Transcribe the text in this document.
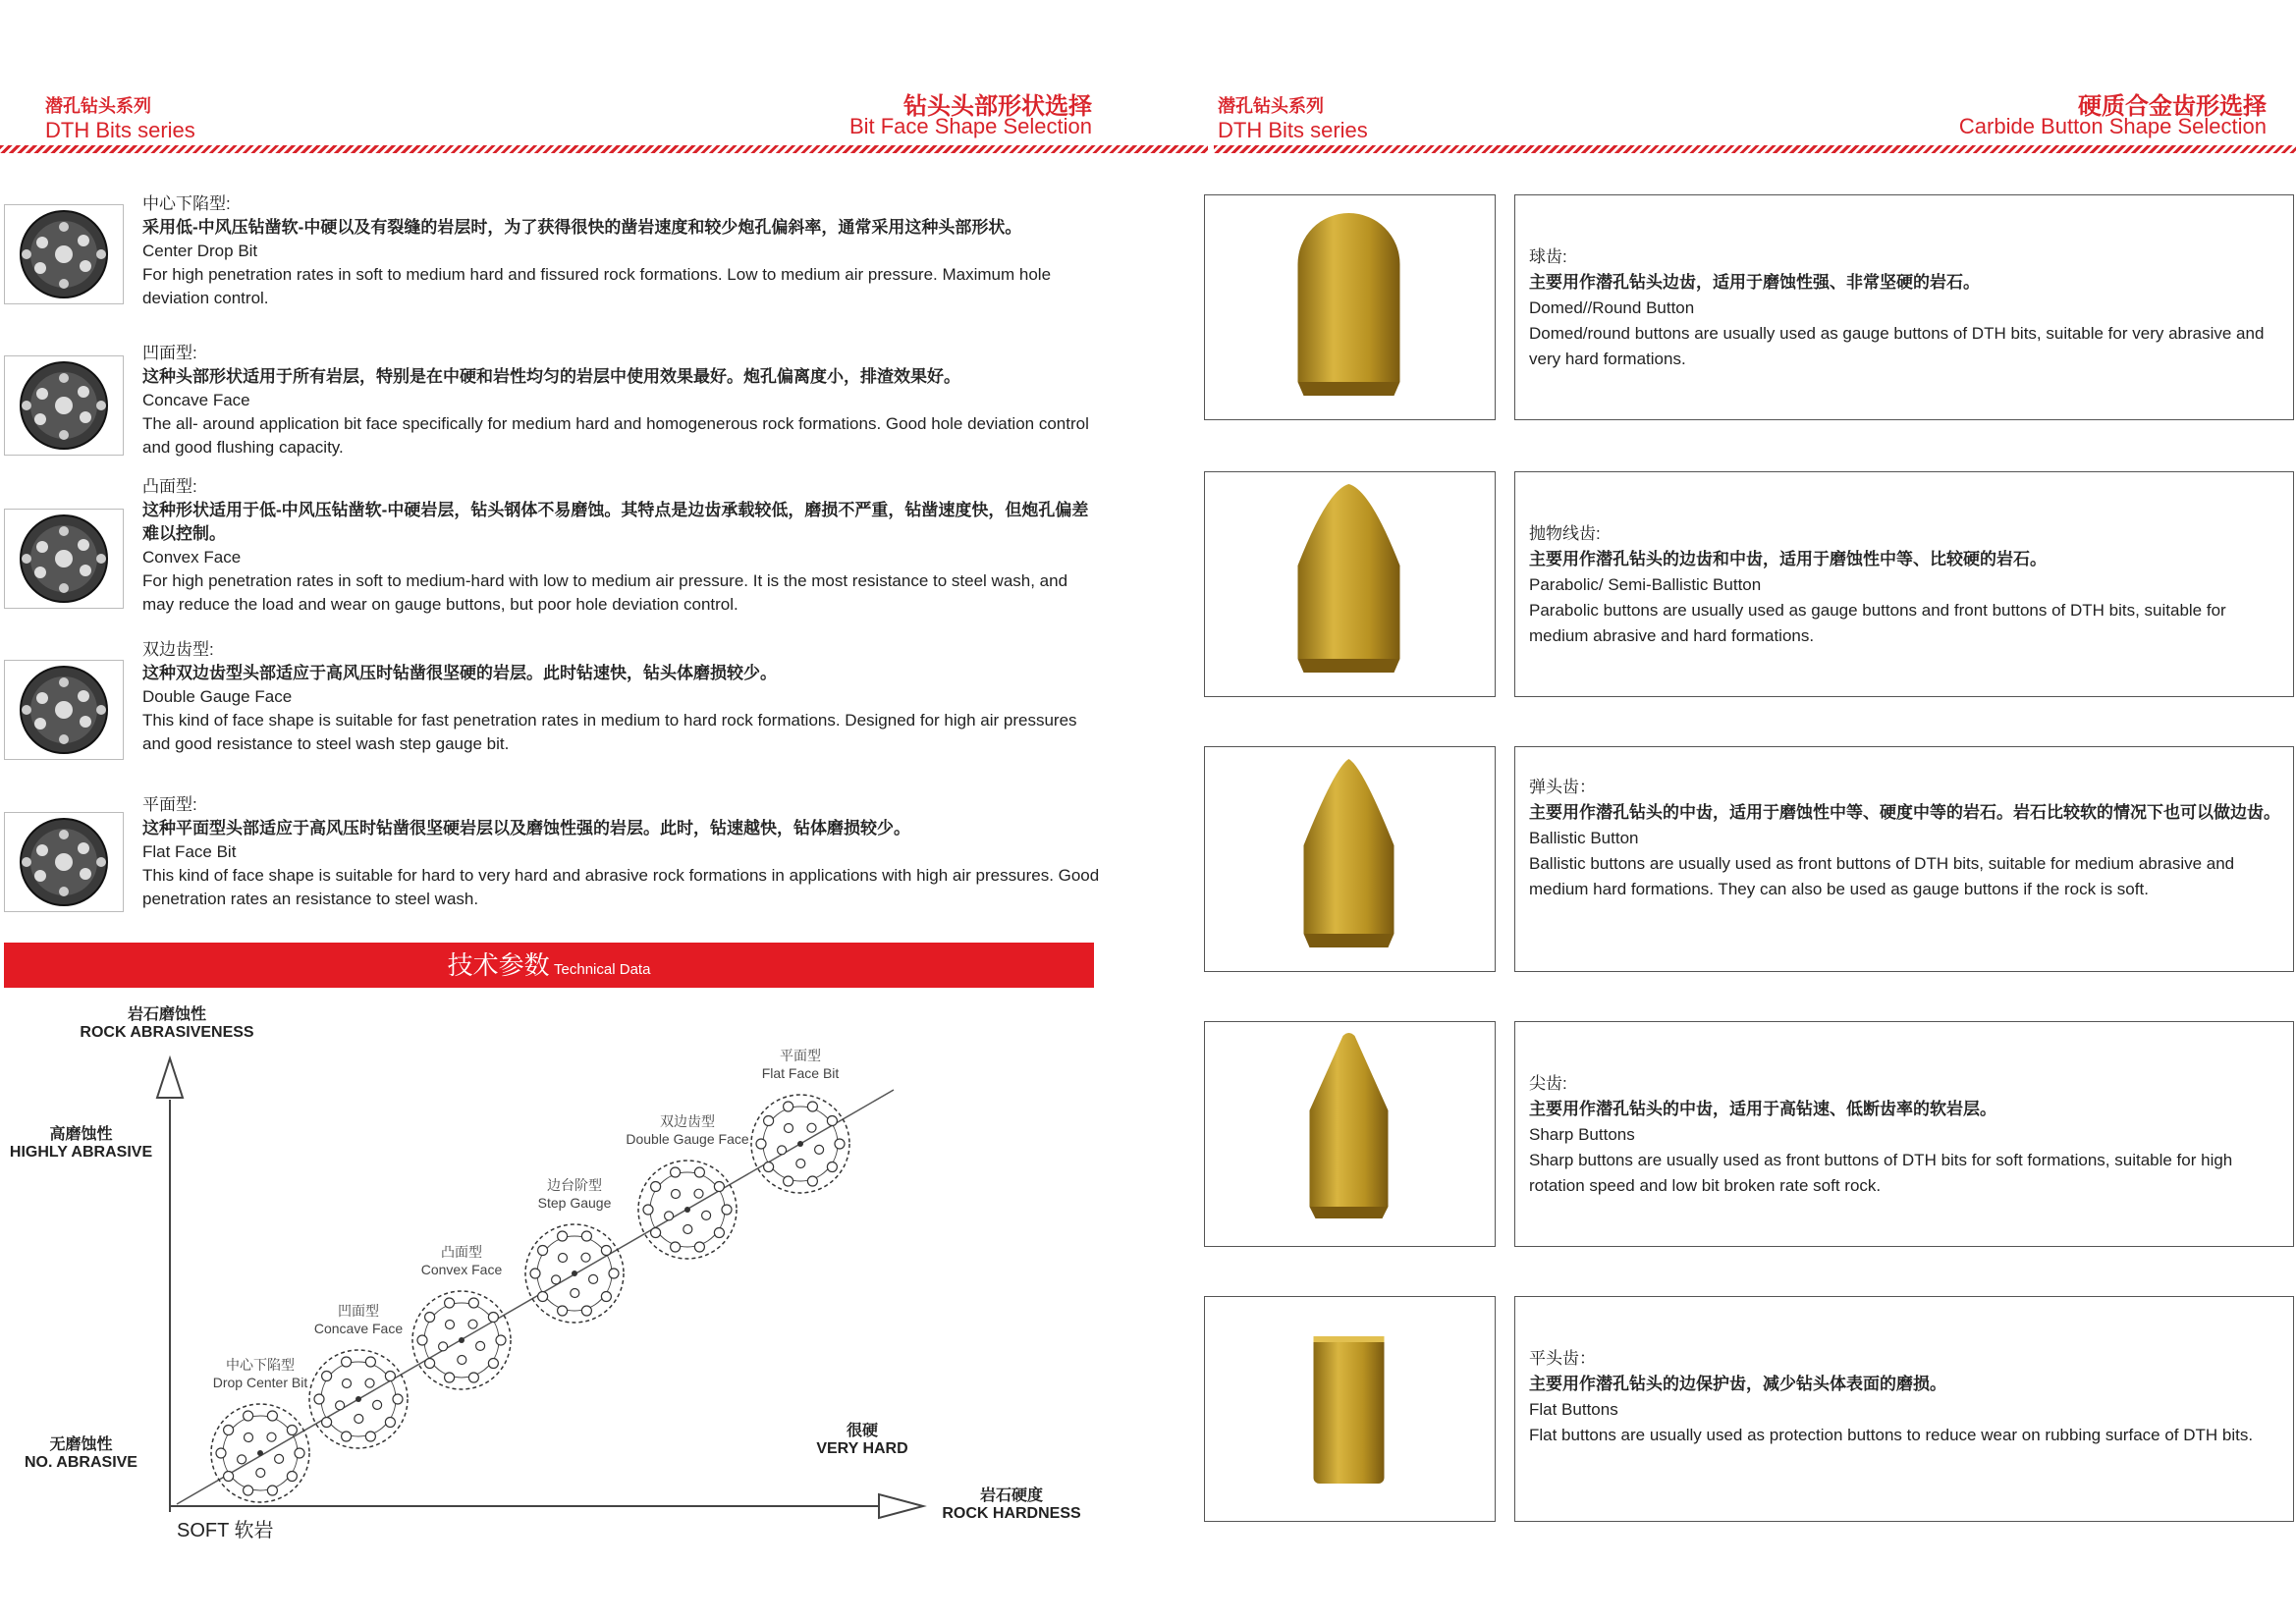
潜孔钻头系列
DTH Bits series
钻头头部形状选择
Bit Face Shape Selection
潜孔钻头系列
DTH Bits series
硬质合金齿形选择
Carbide Button Shape Selection
中心下陷型:
采用低-中风压钻凿软-中硬以及有裂缝的岩层时，为了获得很快的凿岩速度和较少炮孔偏斜率，通常采用这种头部形状。
Center Drop Bit
For high penetration rates in soft to medium hard and fissured rock formations. Low to medium air pressure. Maximum hole deviation control.
凹面型:
这种头部形状适用于所有岩层，特别是在中硬和岩性均匀的岩层中使用效果最好。炮孔偏离度小，排渣效果好。
Concave Face
The all- around application bit face specifically for medium hard and homogenerous rock formations. Good hole deviation control and good flushing capacity.
凸面型:
这种形状适用于低-中风压钻凿软-中硬岩层，钻头钢体不易磨蚀。其特点是边齿承载较低，磨损不严重，钻凿速度快，但炮孔偏差难以控制。
Convex Face
For high penetration rates in soft to medium-hard with low to medium air pressure. It is the most resistance to steel wash, and may reduce the load and wear on gauge buttons, but poor hole deviation control.
双边齿型:
这种双边齿型头部适应于高风压时钻凿很坚硬的岩层。此时钻速快，钻头体磨损较少。
Double Gauge Face
This kind of face shape is suitable for fast penetration rates in medium to hard rock formations. Designed for high air pressures and good resistance to steel wash step gauge bit.
平面型:
这种平面型头部适应于高风压时钻凿很坚硬岩层以及磨蚀性强的岩层。此时，钻速越快，钻体磨损较少。
Flat Face Bit
This kind of face shape is suitable for hard to very hard and abrasive rock formations in applications with high air pressures. Good penetration rates an resistance to steel wash.
技术参数 Technical Data
岩石磨蚀性
ROCK ABRASIVENESS
高磨蚀性
HIGHLY ABRASIVE
无磨蚀性
NO. ABRASIVE
很硬
VERY HARD
岩石硬度
ROCK HARDNESS
SOFT 软岩
中心下陷型
Drop Center Bit
凹面型
Concave Face
凸面型
Convex Face
边台阶型
Step Gauge
双边齿型
Double Gauge Face
平面型
Flat Face Bit
球齿:
主要用作潜孔钻头边齿，适用于磨蚀性强、非常坚硬的岩石。
Domed//Round Button
Domed/round buttons are usually used as gauge buttons of DTH bits, suitable for very abrasive and very hard formations.
抛物线齿:
主要用作潜孔钻头的边齿和中齿，适用于磨蚀性中等、比较硬的岩石。
Parabolic/ Semi-Ballistic Button
Parabolic buttons are usually used as gauge buttons and front buttons of DTH bits, suitable for medium abrasive and hard formations.
弹头齿：
主要用作潜孔钻头的中齿，适用于磨蚀性中等、硬度中等的岩石。岩石比较软的情况下也可以做边齿。
Ballistic Button
Ballistic buttons are usually used as front buttons of DTH bits, suitable for medium abrasive and medium hard formations. They can also be used as gauge buttons if the rock is soft.
尖齿:
主要用作潜孔钻头的中齿，适用于高钻速、低断齿率的软岩层。
Sharp Buttons
Sharp buttons are usually used as front buttons of DTH bits for soft formations, suitable for high rotation speed and low bit broken rate soft rock.
平头齿：
主要用作潜孔钻头的边保护齿，减少钻头体表面的磨损。
Flat Buttons
Flat buttons are usually used as protection buttons to reduce wear on rubbing surface of DTH bits.
